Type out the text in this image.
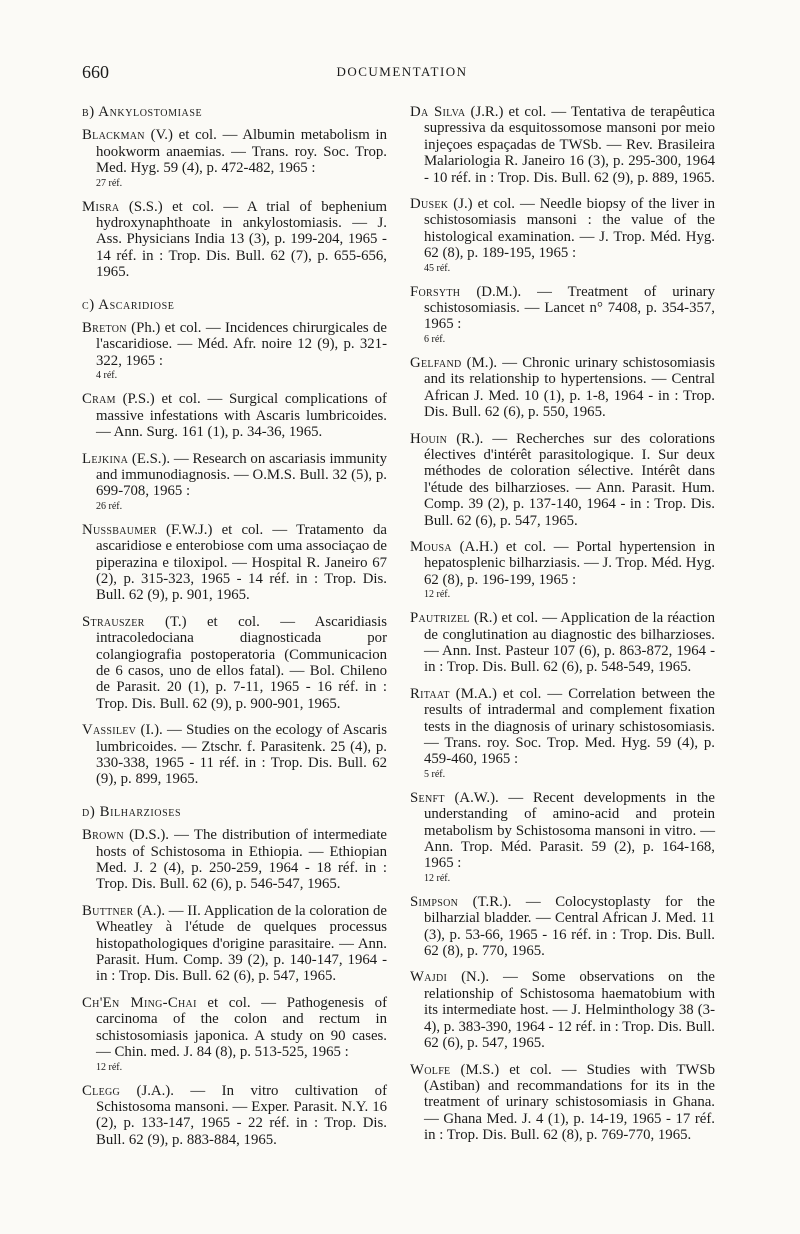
660	DOCUMENTATION
b) Ankylostomiase

Blackman (V.) et col. — Albumin metabolism in hookworm anaemias. — Trans. roy. Soc. Trop. Med. Hyg. 59 (4), p. 472-482, 1965 :
27 réf.

Misra (S.S.) et col. — A trial of bephenium hydroxynaphthoate in ankylostomiasis. — J. Ass. Physicians India 13 (3), p. 199-204, 1965 - 14 réf. in : Trop. Dis. Bull. 62 (7), p. 655-656, 1965.

c) Ascaridiose

Breton (Ph.) et col. — Incidences chirurgicales de l'ascaridiose. — Méd. Afr. noire 12 (9), p. 321-322, 1965 :
4 réf.

Cram (P.S.) et col. — Surgical complications of massive infestations with Ascaris lumbricoides. — Ann. Surg. 161 (1), p. 34-36, 1965.

Lejkina (E.S.). — Research on ascariasis immunity and immunodiagnosis. — O.M.S. Bull. 32 (5), p. 699-708, 1965 :
26 réf.

Nussbaumer (F.W.J.) et col. — Tratamento da ascaridiose e enterobiose com uma associaçao de piperazina e tiloxipol. — Hospital R. Janeiro 67 (2), p. 315-323, 1965 - 14 réf. in : Trop. Dis. Bull. 62 (9), p. 901, 1965.

Strauszer (T.) et col. — Ascaridiasis intracoledociana diagnosticada por colangiografia postoperatoria (Communicacion de 6 casos, uno de ellos fatal). — Bol. Chileno de Parasit. 20 (1), p. 7-11, 1965 - 16 réf. in : Trop. Dis. Bull. 62 (9), p. 900-901, 1965.

Vassilev (I.). — Studies on the ecology of Ascaris lumbricoides. — Ztschr. f. Parasitenk. 25 (4), p. 330-338, 1965 - 11 réf. in : Trop. Dis. Bull. 62 (9), p. 899, 1965.

d) Bilharzioses

Brown (D.S.). — The distribution of intermediate hosts of Schistosoma in Ethiopia. — Ethiopian Med. J. 2 (4), p. 250-259, 1964 - 18 réf. in : Trop. Dis. Bull. 62 (6), p. 546-547, 1965.

Buttner (A.). — II. Application de la coloration de Wheatley à l'étude de quelques processus histopathologiques d'origine parasitaire. — Ann. Parasit. Hum. Comp. 39 (2), p. 140-147, 1964 - in : Trop. Dis. Bull. 62 (6), p. 547, 1965.

Ch'En Ming-Chai et col. — Pathogenesis of carcinoma of the colon and rectum in schistosomiasis japonica. A study on 90 cases. — Chin. med. J. 84 (8), p. 513-525, 1965 :
12 réf.

Clegg (J.A.). — In vitro cultivation of Schistosoma mansoni. — Exper. Parasit. N.Y. 16 (2), p. 133-147, 1965 - 22 réf. in : Trop. Dis. Bull. 62 (9), p. 883-884, 1965.

Da Silva (J.R.) et col. — Tentativa de terapêutica supressiva da esquitossomose mansoni por meio injeçoes espaçadas de TWSb. — Rev. Brasileira Malariologia R. Janeiro 16 (3), p. 295-300, 1964 - 10 réf. in : Trop. Dis. Bull. 62 (9), p. 889, 1965.

Dusek (J.) et col. — Needle biopsy of the liver in schistosomiasis mansoni : the value of the histological examination. — J. Trop. Méd. Hyg. 62 (8), p. 189-195, 1965 :
45 réf.

Forsyth (D.M.). — Treatment of urinary schistosomiasis. — Lancet n° 7408, p. 354-357, 1965 :
6 réf.

Gelfand (M.). — Chronic urinary schistosomiasis and its relationship to hypertensions. — Central African J. Med. 10 (1), p. 1-8, 1964 - in : Trop. Dis. Bull. 62 (6), p. 550, 1965.

Houin (R.). — Recherches sur des colorations électives d'intérêt parasitologique. I. Sur deux méthodes de coloration sélective. Intérêt dans l'étude des bilharzioses. — Ann. Parasit. Hum. Comp. 39 (2), p. 137-140, 1964 - in : Trop. Dis. Bull. 62 (6), p. 547, 1965.

Mousa (A.H.) et col. — Portal hypertension in hepatosplenic bilharziasis. — J. Trop. Méd. Hyg. 62 (8), p. 196-199, 1965 :
12 réf.

Pautrizel (R.) et col. — Application de la réaction de conglutination au diagnostic des bilharzioses. — Ann. Inst. Pasteur 107 (6), p. 863-872, 1964 - in : Trop. Dis. Bull. 62 (6), p. 548-549, 1965.

Ritaat (M.A.) et col. — Correlation between the results of intradermal and complement fixation tests in the diagnosis of urinary schistosomiasis. — Trans. roy. Soc. Trop. Med. Hyg. 59 (4), p. 459-460, 1965 :
5 réf.

Senft (A.W.). — Recent developments in the understanding of amino-acid and protein metabolism by Schistosoma mansoni in vitro. — Ann. Trop. Méd. Parasit. 59 (2), p. 164-168, 1965 :
12 réf.

Simpson (T.R.). — Colocystoplasty for the bilharzial bladder. — Central African J. Med. 11 (3), p. 53-66, 1965 - 16 réf. in : Trop. Dis. Bull. 62 (8), p. 770, 1965.

Wajdi (N.). — Some observations on the relationship of Schistosoma haematobium with its intermediate host. — J. Helminthology 38 (3-4), p. 383-390, 1964 - 12 réf. in : Trop. Dis. Bull. 62 (6), p. 547, 1965.

Wolfe (M.S.) et col. — Studies with TWSb (Astiban) and recommandations for its in the treatment of urinary schistosomiasis in Ghana. — Ghana Med. J. 4 (1), p. 14-19, 1965 - 17 réf. in : Trop. Dis. Bull. 62 (8), p. 769-770, 1965.
